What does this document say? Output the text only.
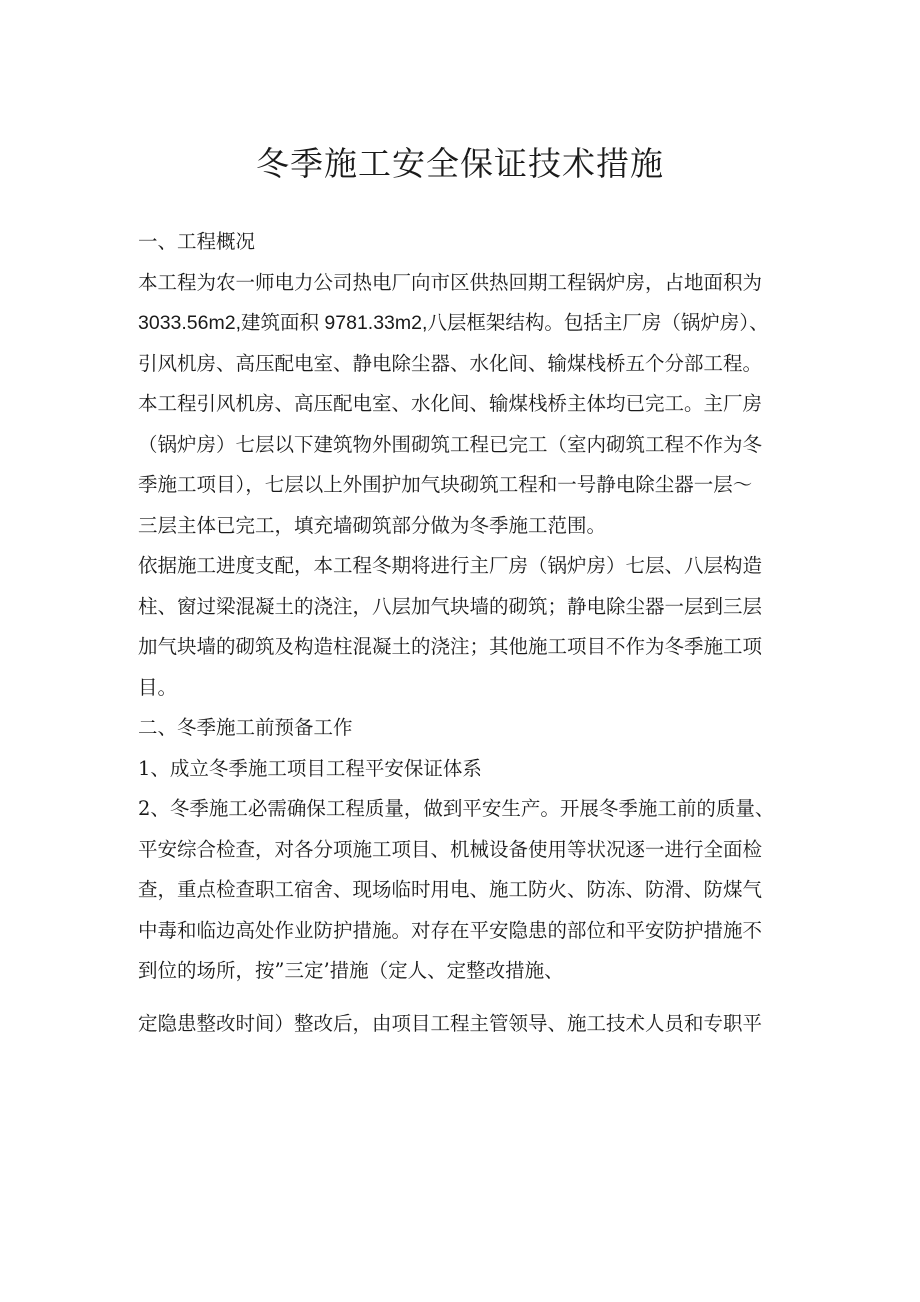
冬季施工安全保证技术措施

一、工程概况

本工程为农一师电力公司热电厂向市区供热回期工程锅炉房，占地面积为

3033.56m2,建筑面积 9781.33m2,八层框架结构。包括主厂房（锅炉房）、

引风机房、高压配电室、静电除尘器、水化间、输煤栈桥五个分部工程。

本工程引风机房、高压配电室、水化间、输煤栈桥主体均已完工。主厂房

（锅炉房）七层以下建筑物外围砌筑工程已完工（室内砌筑工程不作为冬

季施工项目），七层以上外围护加气块砌筑工程和一号静电除尘器一层～

三层主体已完工，填充墙砌筑部分做为冬季施工范围。

依据施工进度支配，本工程冬期将进行主厂房（锅炉房）七层、八层构造

柱、窗过梁混凝土的浇注，八层加气块墙的砌筑；静电除尘器一层到三层

加气块墙的砌筑及构造柱混凝土的浇注；其他施工项目不作为冬季施工项

目。

二、冬季施工前预备工作

1、成立冬季施工项目工程平安保证体系

2、冬季施工必需确保工程质量，做到平安生产。开展冬季施工前的质量、

平安综合检查，对各分项施工项目、机械设备使用等状况逐一进行全面检

查，重点检查职工宿舍、现场临时用电、施工防火、防冻、防滑、防煤气

中毒和临边高处作业防护措施。对存在平安隐患的部位和平安防护措施不

到位的场所，按”三定’措施（定人、定整改措施、

定隐患整改时间）整改后，由项目工程主管领导、施工技术人员和专职平
